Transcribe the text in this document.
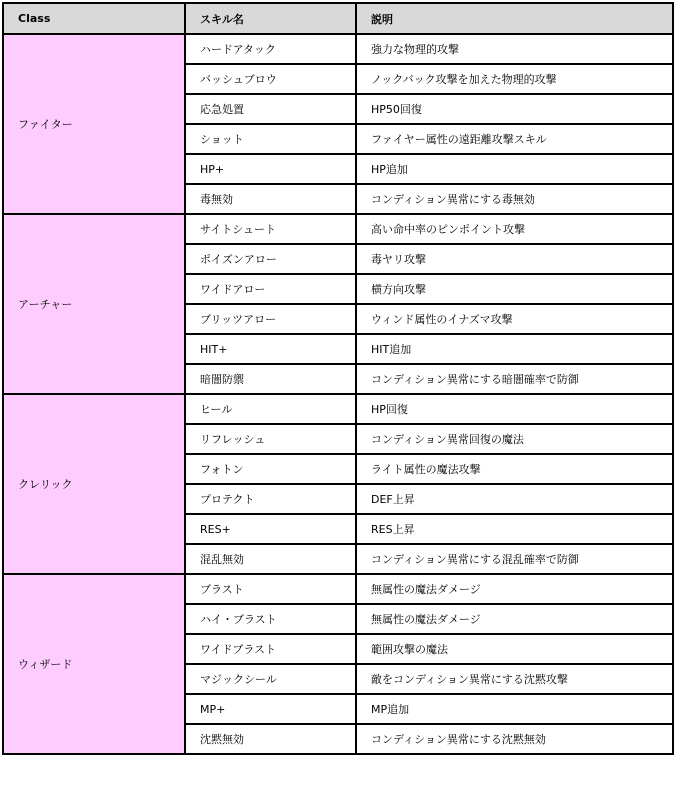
Class	スキル名	説明
ファイター	ハードアタック	強力な物理的攻撃
	バッシュブロウ	ノックバック攻撃を加えた物理的攻撃
	応急処置	HP50回復
	ショット	ファイヤー属性の遠距離攻撃スキル
	HP+	HP追加
	毒無効	コンディション異常にする毒無効
アーチャー	サイトシュート	高い命中率のピンポイント攻撃
	ポイズンアロー	毒ヤリ攻撃
	ワイドアロー	横方向攻撃
	ブリッツアロー	ウィンド属性のイナズマ攻撃
	HIT+	HIT追加
	暗闇防禦	コンディション異常にする暗闇確率で防御
クレリック	ヒール	HP回復
	リフレッシュ	コンディション異常回復の魔法
	フォトン	ライト属性の魔法攻撃
	プロテクト	DEF上昇
	RES+	RES上昇
	混乱無効	コンディション異常にする混乱確率で防御
ウィザード	ブラスト	無属性の魔法ダメージ
	ハイ・ブラスト	無属性の魔法ダメージ
	ワイドブラスト	範囲攻撃の魔法
	マジックシール	敵をコンディション異常にする沈黙攻撃
	MP+	MP追加
	沈黙無効	コンディション異常にする沈黙無効
